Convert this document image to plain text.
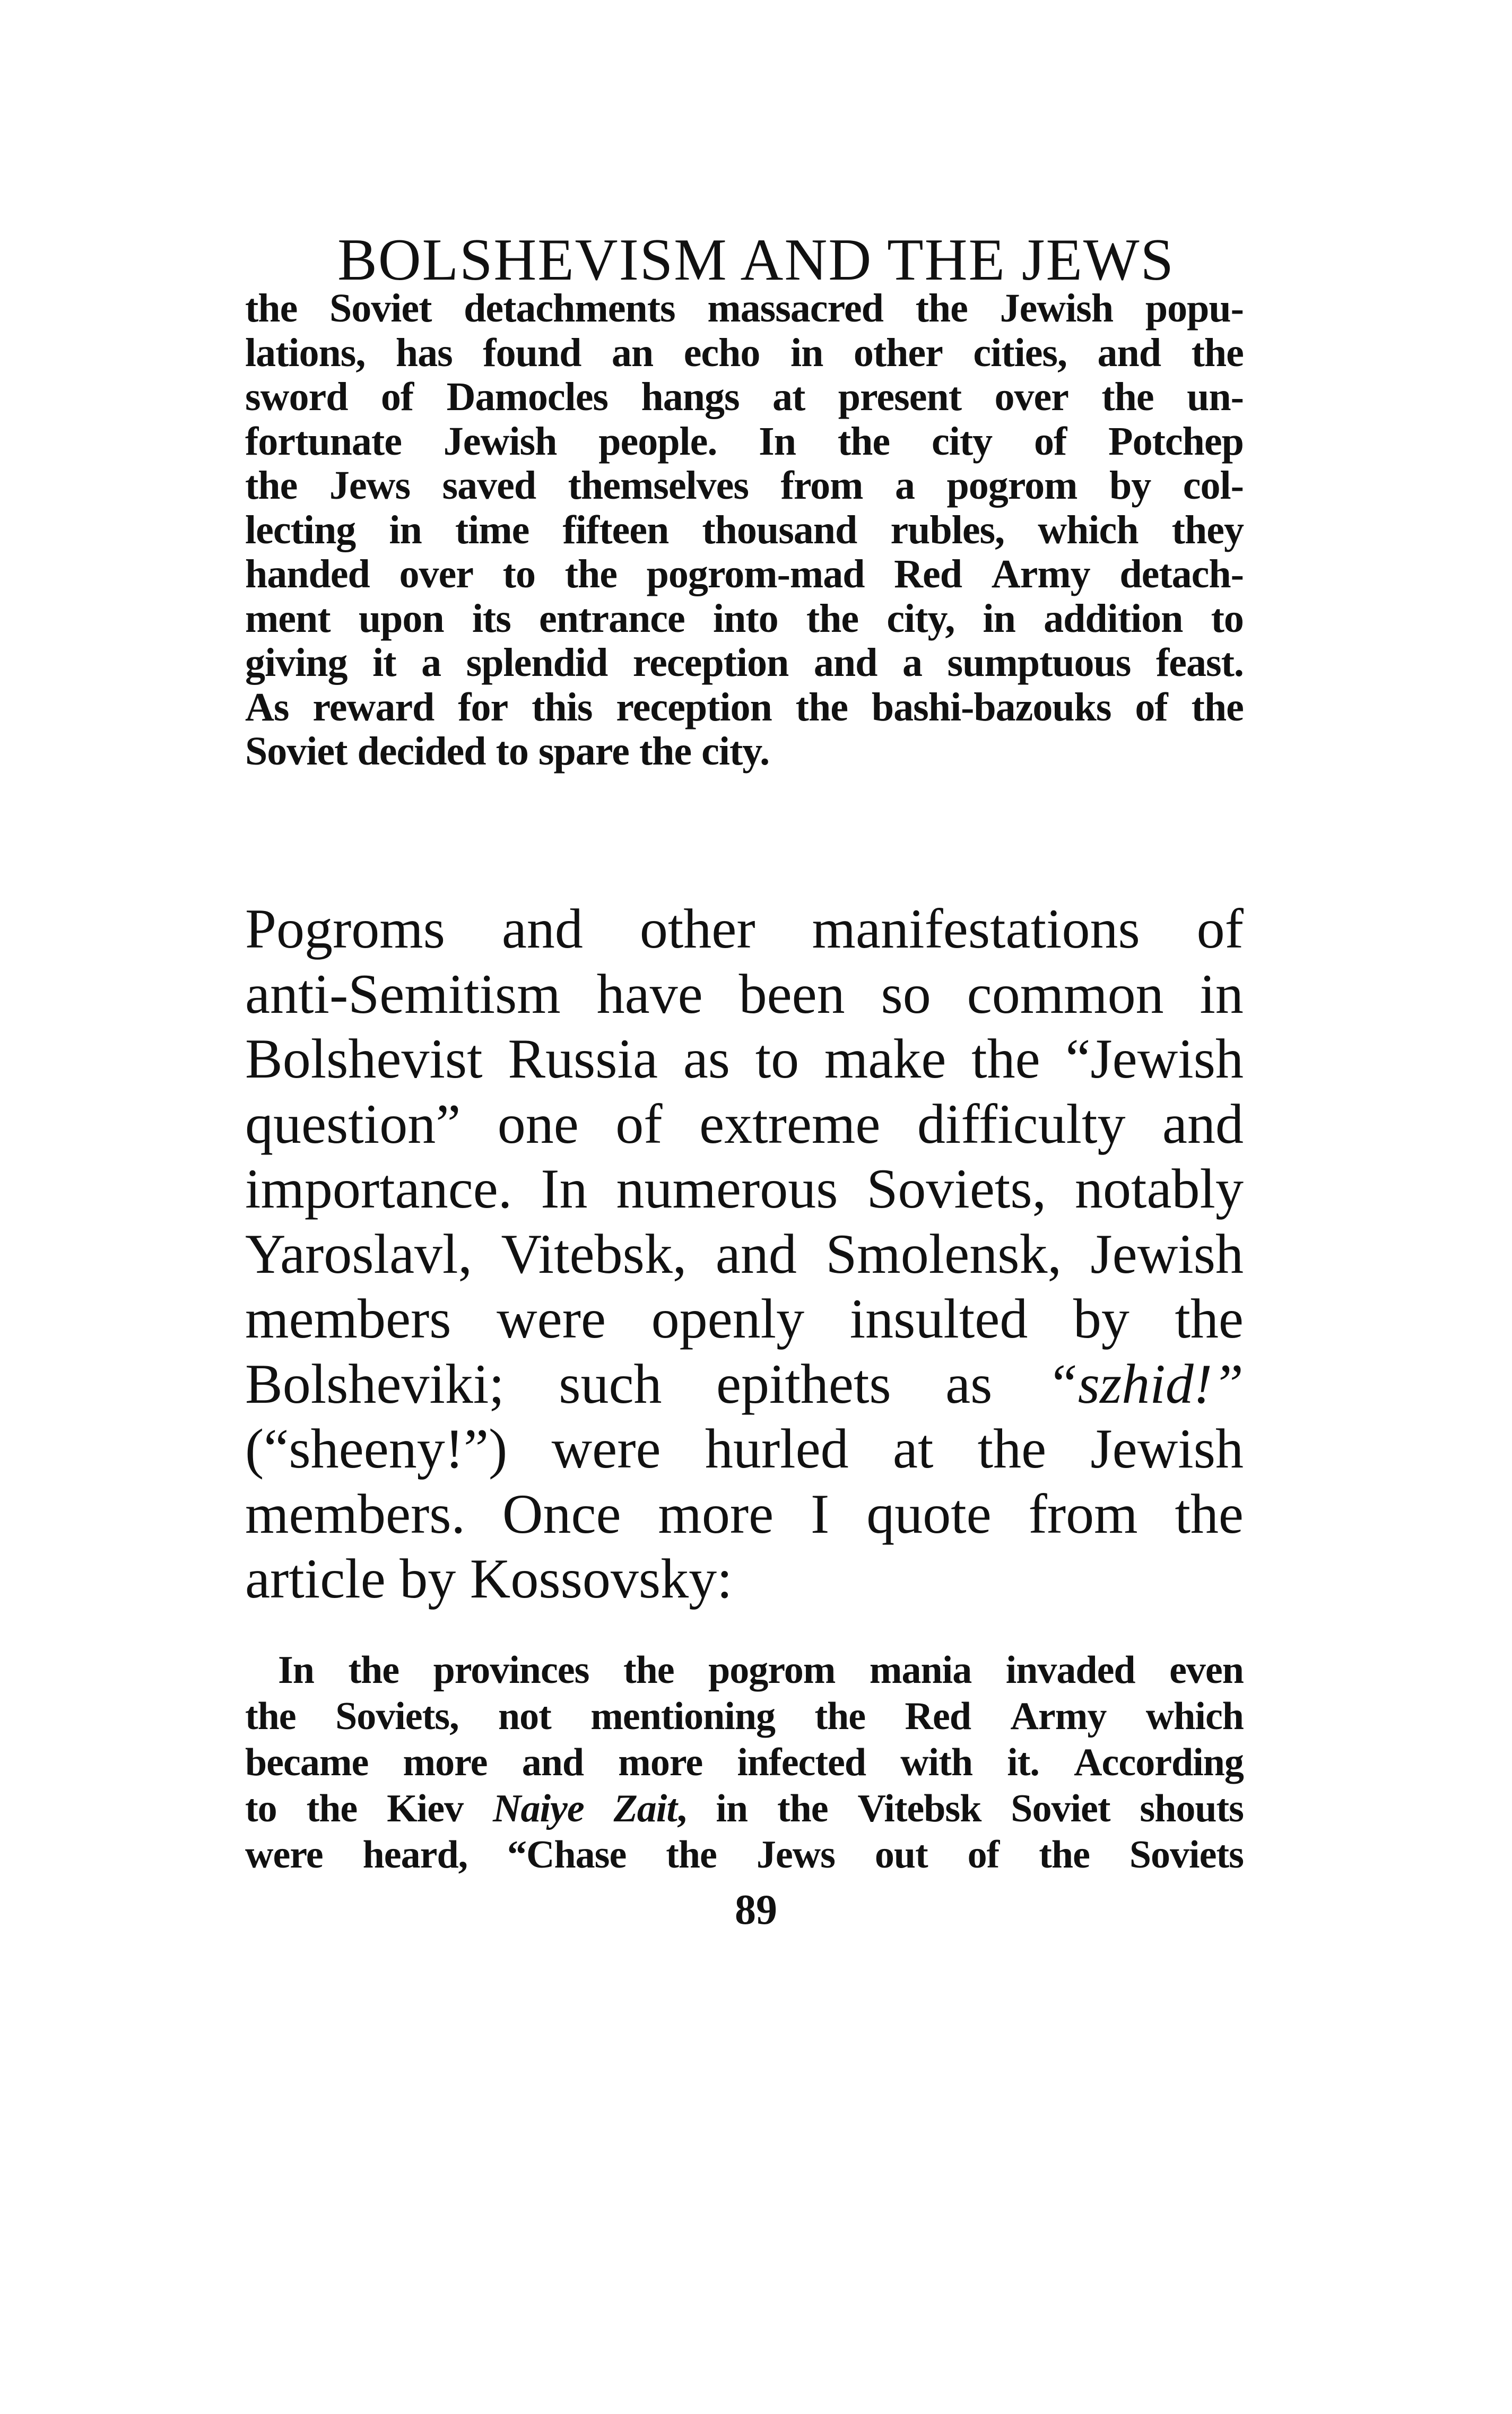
BOLSHEVISM AND THE JEWS
the Soviet detachments massacred the Jewish popu-
lations, has found an echo in other cities, and the
sword of Damocles hangs at present over the un-
fortunate Jewish people. In the city of Potchep
the Jews saved themselves from a pogrom by col-
lecting in time fifteen thousand rubles, which they
handed over to the pogrom-mad Red Army detach-
ment upon its entrance into the city, in addition to
giving it a splendid reception and a sumptuous feast.
As reward for this reception the bashi-bazouks of the
Soviet decided to spare the city.
Pogroms and other manifestations of
anti-Semitism have been so common in
Bolshevist Russia as to make the “Jewish
question” one of extreme difficulty and
importance. In numerous Soviets, notably
Yaroslavl, Vitebsk, and Smolensk, Jewish
members were openly insulted by the
Bolsheviki; such epithets as “szhid!”
(“sheeny!”) were hurled at the Jewish
members. Once more I quote from the
article by Kossovsky:
In the provinces the pogrom mania invaded even
the Soviets, not mentioning the Red Army which
became more and more infected with it. According
to the Kiev Naiye Zait, in the Vitebsk Soviet shouts
were heard, “Chase the Jews out of the Soviets
89
